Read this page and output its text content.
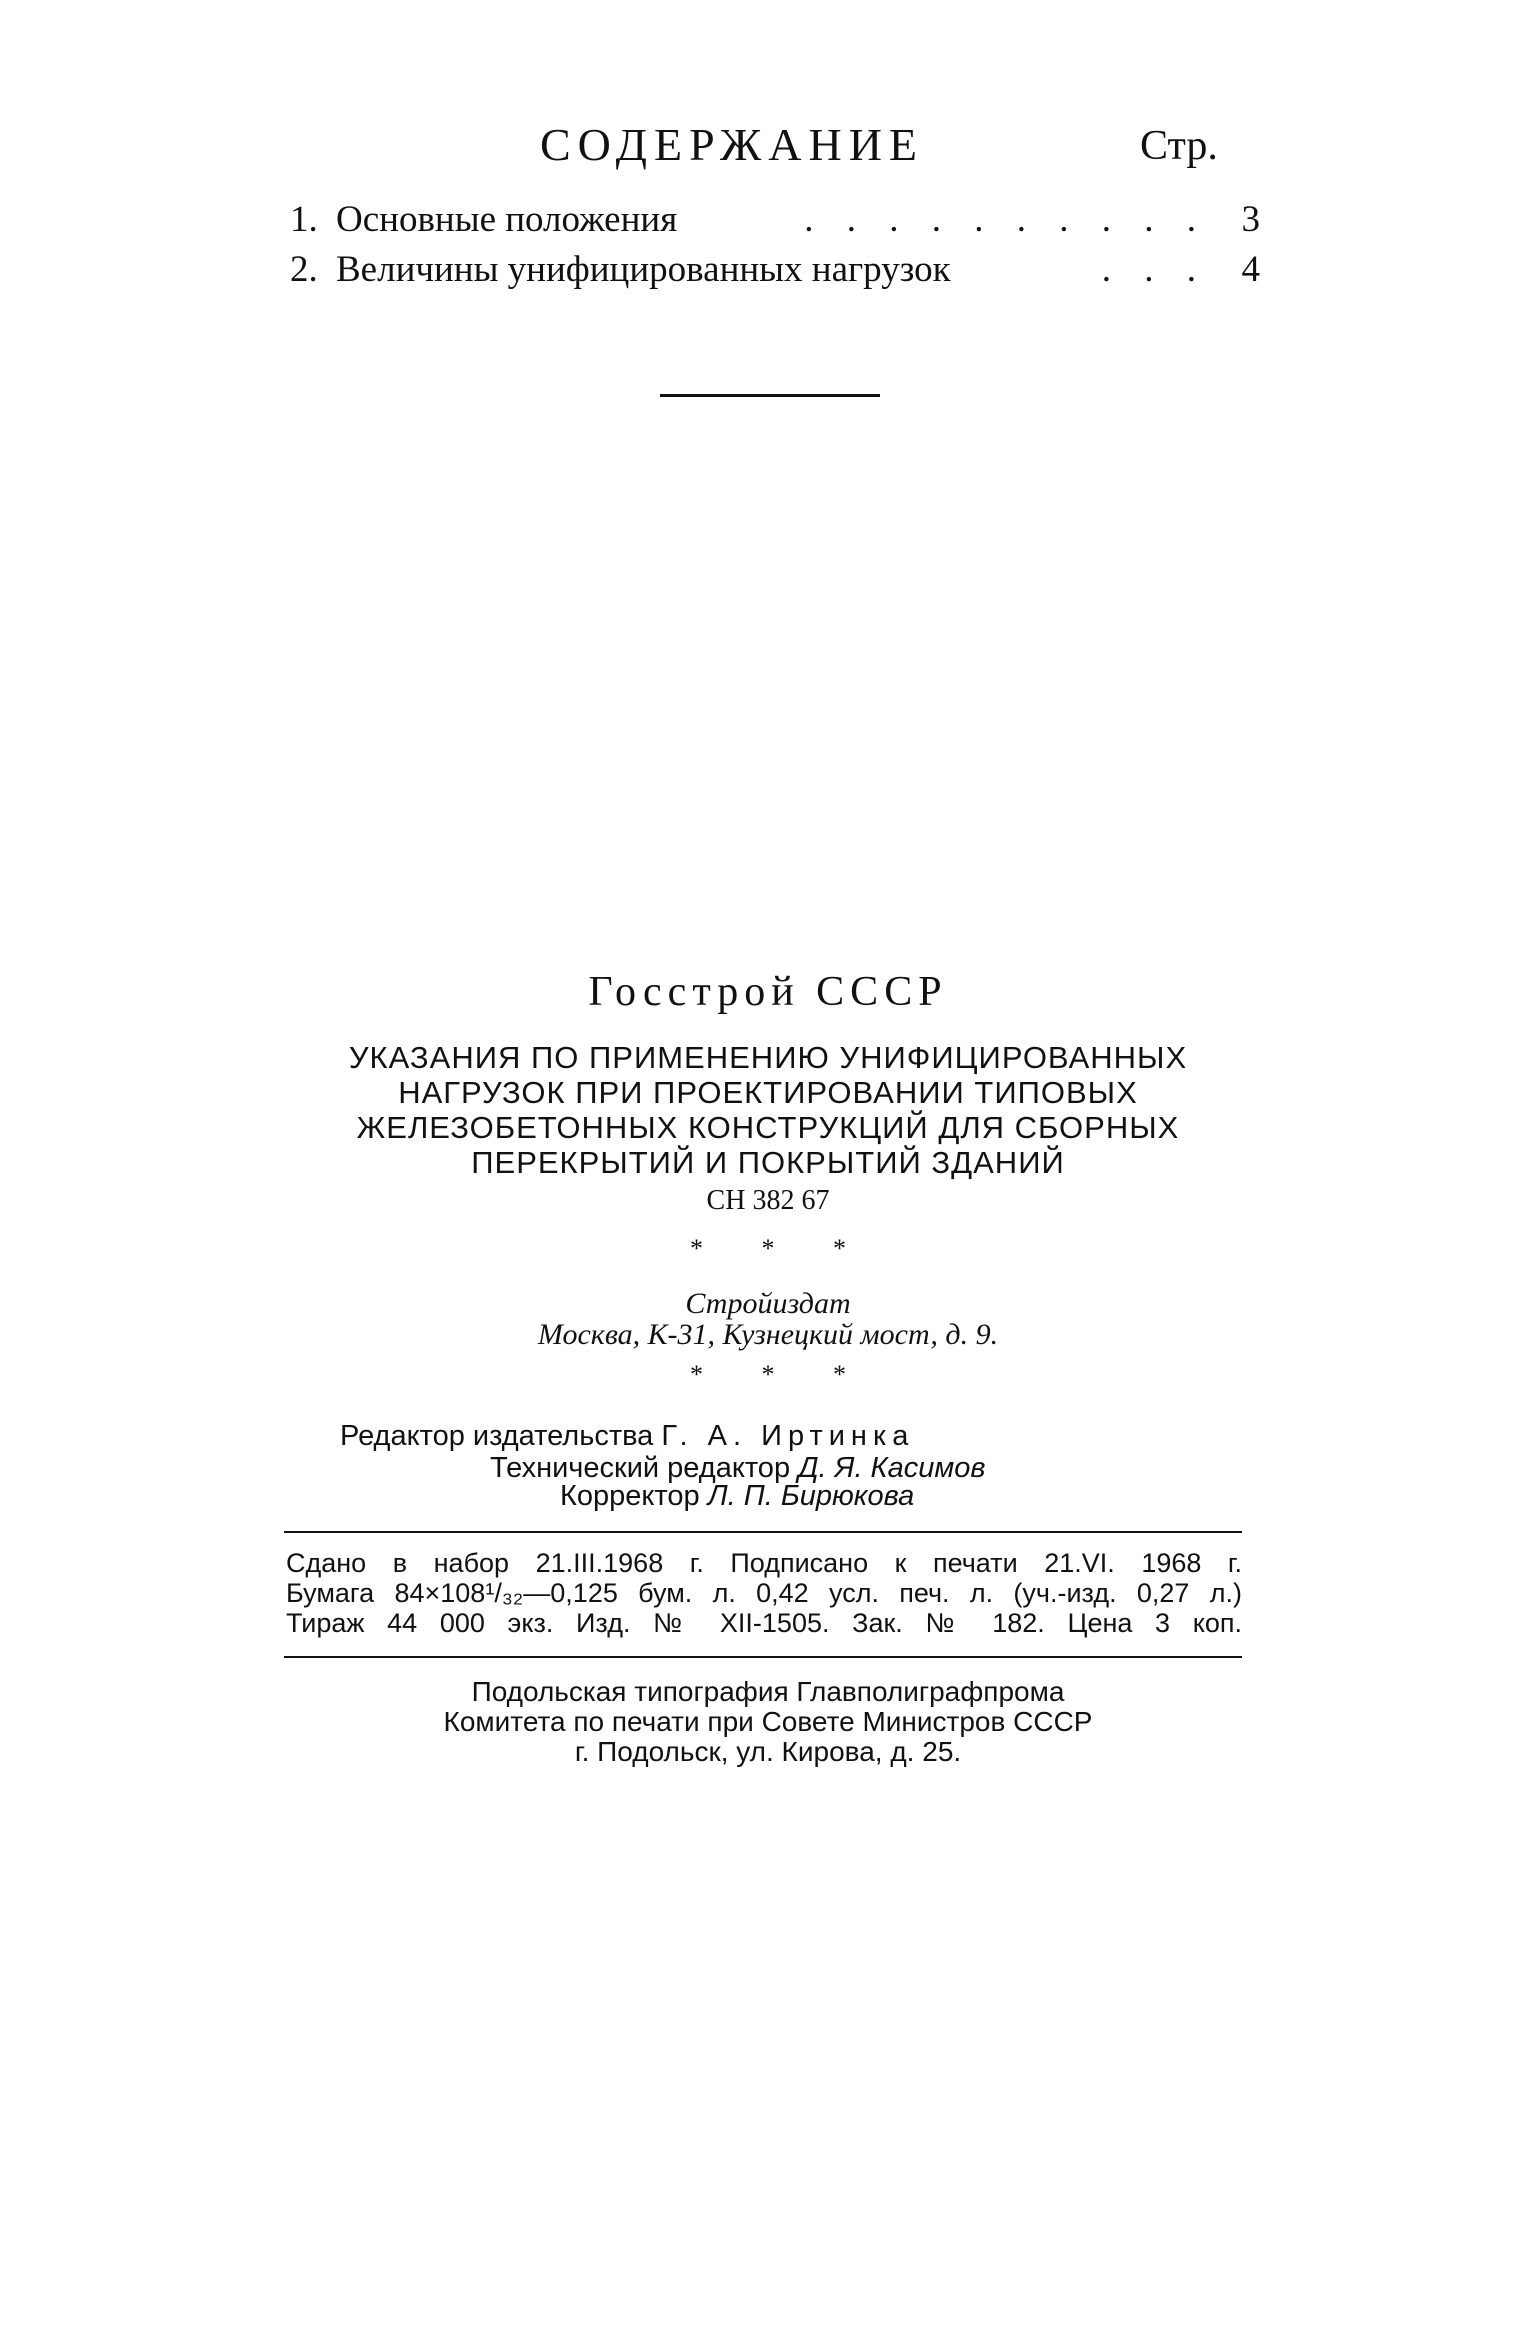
СОДЕРЖАНИЕ	Стр.
1. Основные положения	. . . . . . . . . . 3
2. Величины унифицированных нагрузок	. . . 4
Госстрой СССР
УКАЗАНИЯ ПО ПРИМЕНЕНИЮ УНИФИЦИРОВАННЫХ
НАГРУЗОК ПРИ ПРОЕКТИРОВАНИИ ТИПОВЫХ
ЖЕЛЕЗОБЕТОННЫХ КОНСТРУКЦИЙ ДЛЯ СБОРНЫХ
ПЕРЕКРЫТИЙ И ПОКРЫТИЙ ЗДАНИЙ
СН 382 67
* * *
Стройиздат
Москва, К-31, Кузнецкий мост, д. 9.
* * *
Редактор издательства Г. А. Иртинка
Технический редактор Д. Я. Касимов
Корректор Л. П. Бирюкова
Сдано в набор 21.III.1968 г. Подписано к печати 21.VI. 1968 г.
Бумага 84×108¹/₃₂—0,125 бум. л. 0,42 усл. печ. л. (уч.-изд. 0,27 л.)
Тираж 44 000 экз. Изд. № XII-1505. Зак. № 182. Цена 3 коп.
Подольская типография Главполиграфпрома
Комитета по печати при Совете Министров СССР
г. Подольск, ул. Кирова, д. 25.
